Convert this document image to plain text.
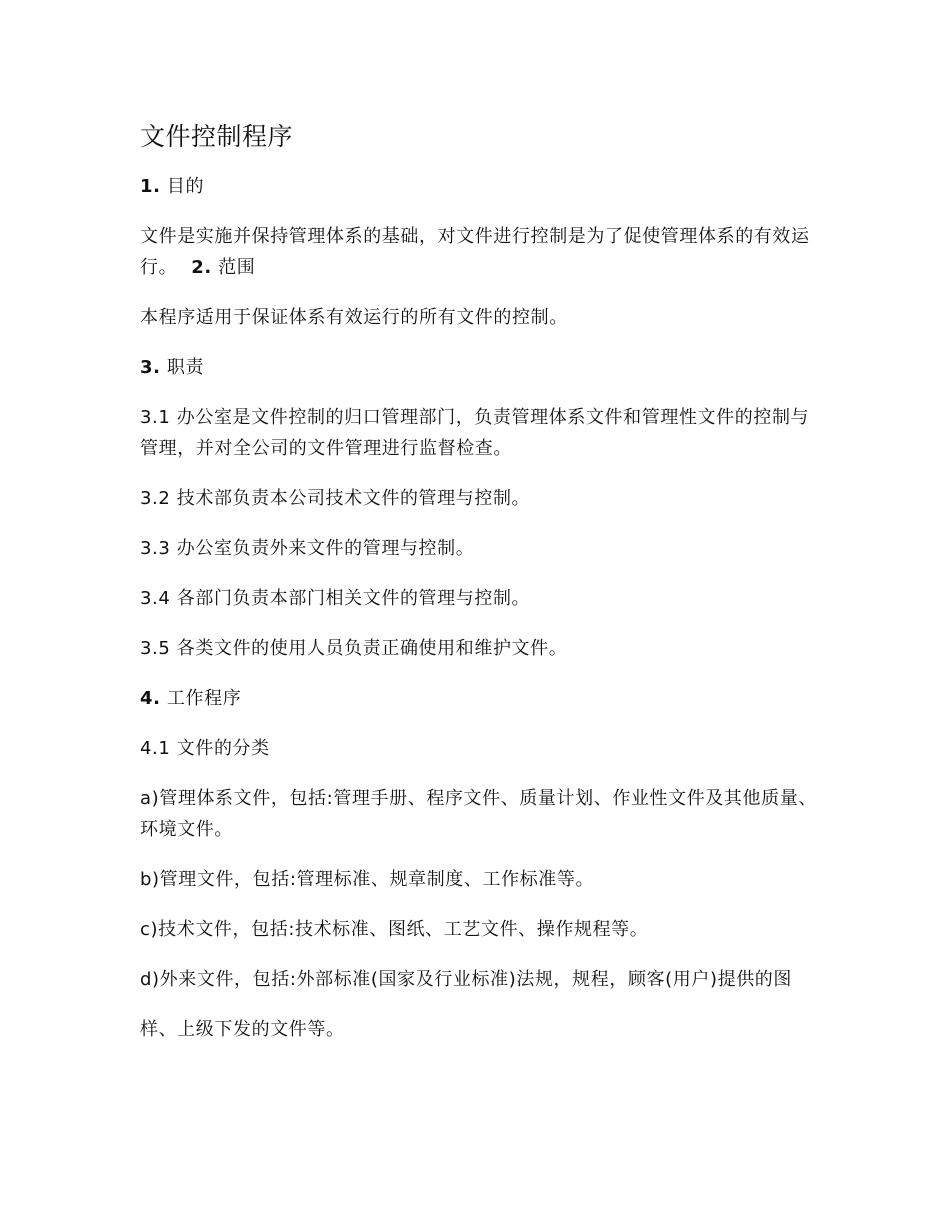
文件控制程序

1. 目的

文件是实施并保持管理体系的基础，对文件进行控制是为了促使管理体系的有效运行。 2. 范围

本程序适用于保证体系有效运行的所有文件的控制。

3. 职责

3.1 办公室是文件控制的归口管理部门，负责管理体系文件和管理性文件的控制与管理，并对全公司的文件管理进行监督检查。

3.2 技术部负责本公司技术文件的管理与控制。

3.3 办公室负责外来文件的管理与控制。

3.4 各部门负责本部门相关文件的管理与控制。

3.5 各类文件的使用人员负责正确使用和维护文件。

4. 工作程序

4.1 文件的分类

a)管理体系文件，包括:管理手册、程序文件、质量计划、作业性文件及其他质量、环境文件。

b)管理文件，包括:管理标准、规章制度、工作标准等。

c)技术文件，包括:技术标准、图纸、工艺文件、操作规程等。

d)外来文件，包括:外部标准(国家及行业标准)法规，规程，顾客(用户)提供的图

样、上级下发的文件等。
